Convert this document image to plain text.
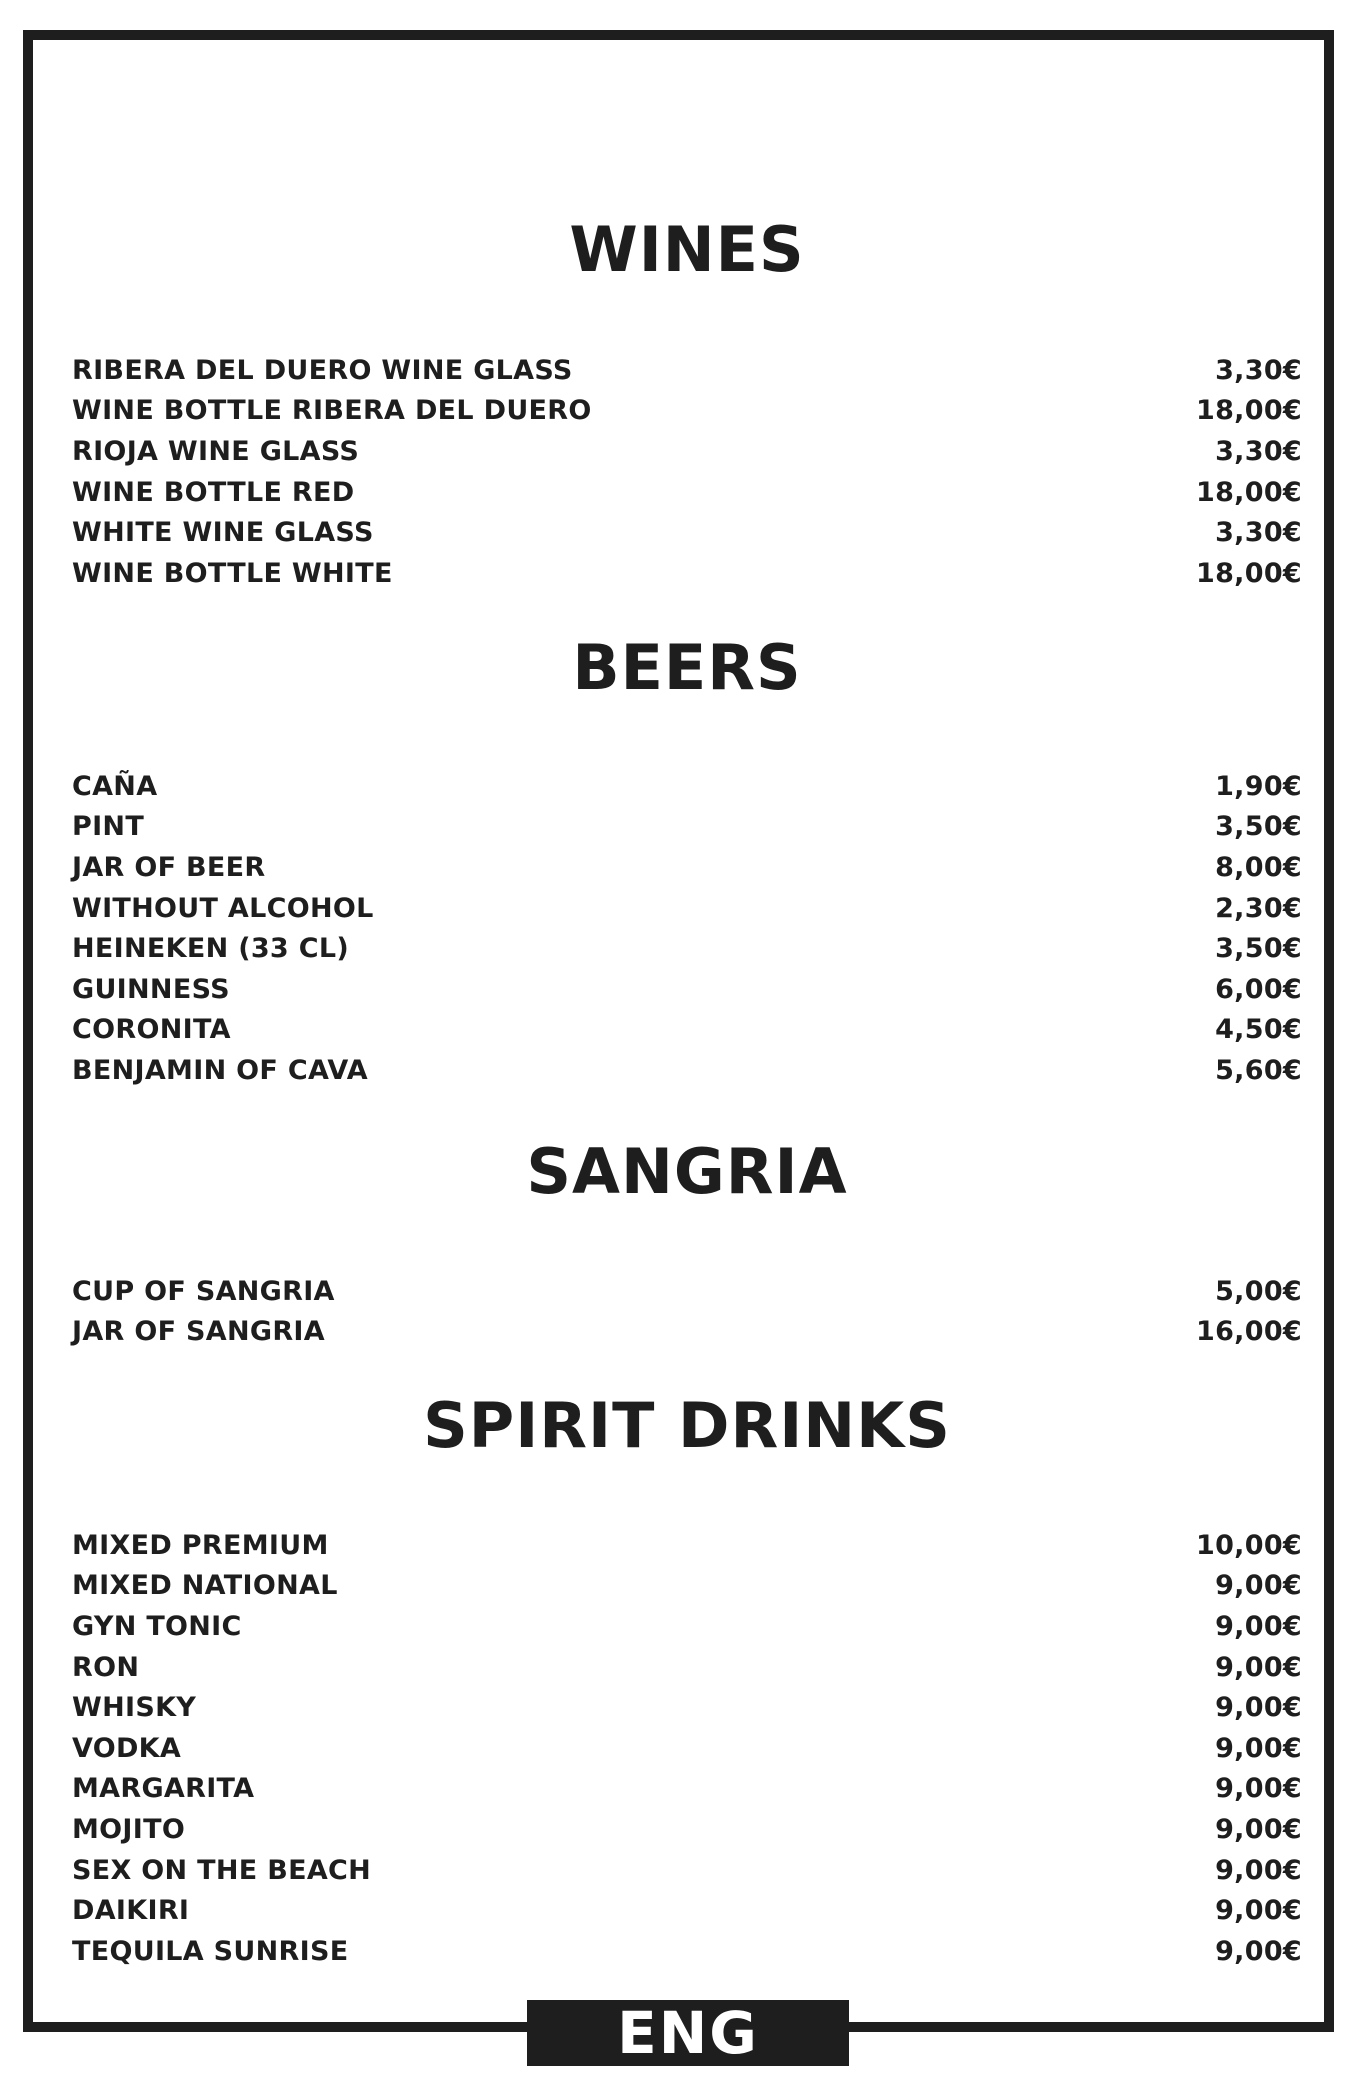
WINES
RIBERA DEL DUERO WINE GLASS	3,30€
WINE BOTTLE RIBERA DEL DUERO	18,00€
RIOJA WINE GLASS	3,30€
WINE BOTTLE RED	18,00€
WHITE WINE GLASS	3,30€
WINE BOTTLE WHITE	18,00€
BEERS
CAÑA	1,90€
PINT	3,50€
JAR OF BEER	8,00€
WITHOUT ALCOHOL	2,30€
HEINEKEN (33 CL)	3,50€
GUINNESS	6,00€
CORONITA	4,50€
BENJAMIN OF CAVA	5,60€
SANGRIA
CUP OF SANGRIA	5,00€
JAR OF SANGRIA	16,00€
SPIRIT DRINKS
MIXED PREMIUM	10,00€
MIXED NATIONAL	9,00€
GYN TONIC	9,00€
RON	9,00€
WHISKY	9,00€
VODKA	9,00€
MARGARITA	9,00€
MOJITO	9,00€
SEX ON THE BEACH	9,00€
DAIKIRI	9,00€
TEQUILA SUNRISE	9,00€
ENG
